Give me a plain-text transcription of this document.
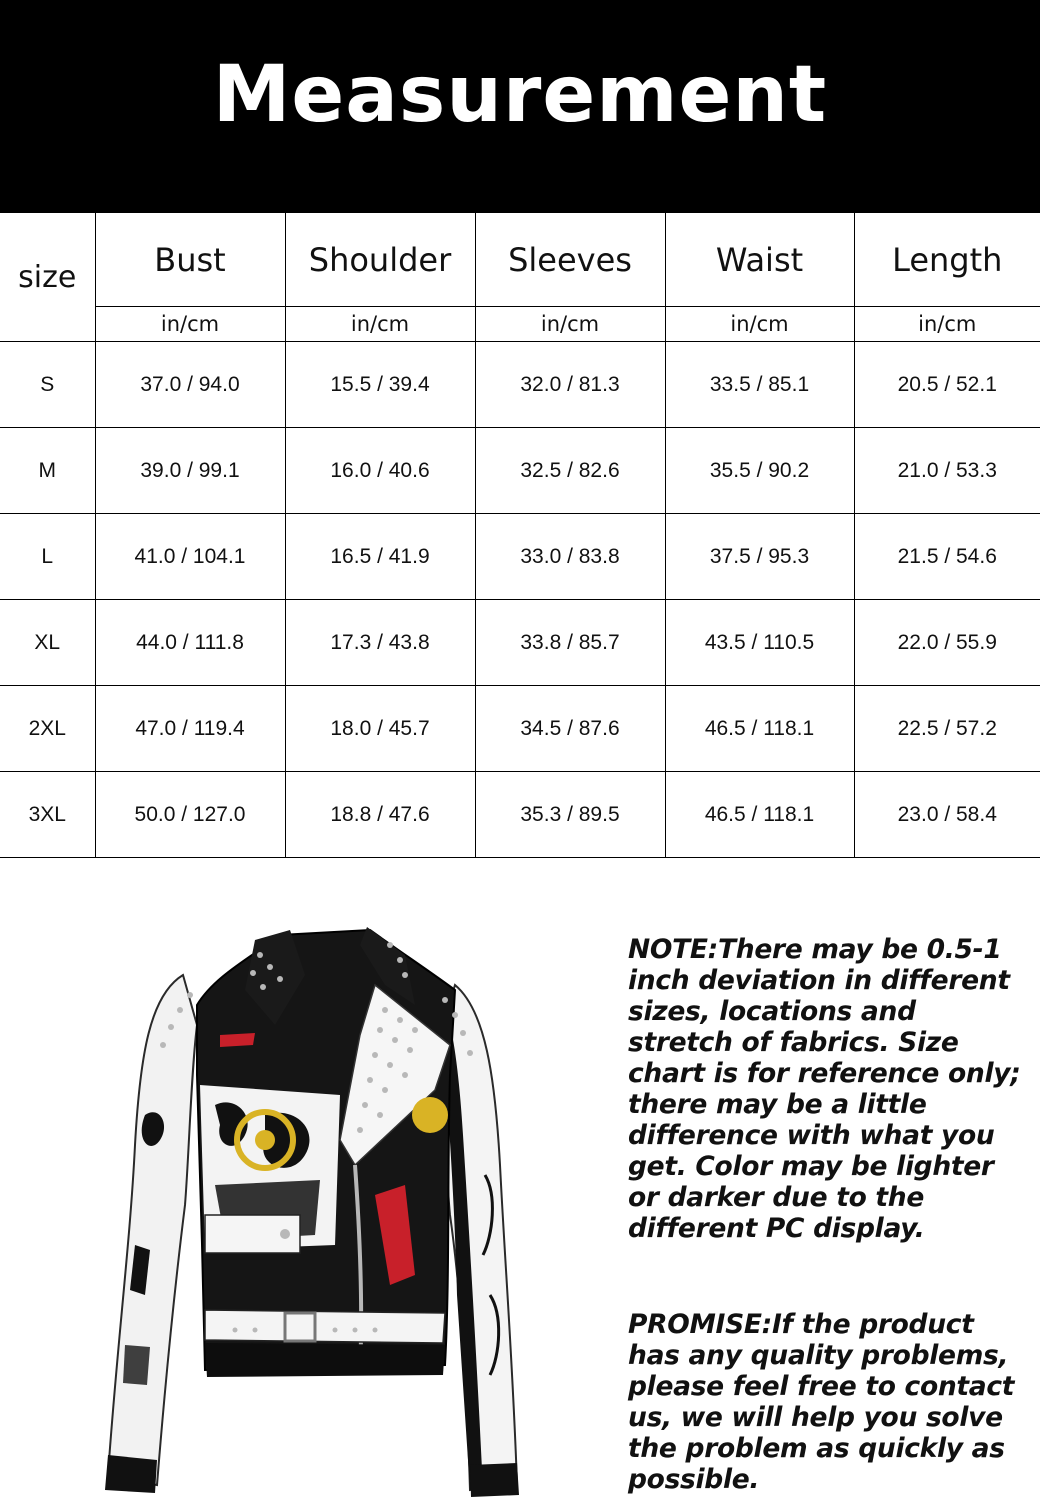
Measurement
size	Bust	Shoulder	Sleeves	Waist	Length
	in/cm	in/cm	in/cm	in/cm	in/cm
S	37.0 / 94.0	15.5 / 39.4	32.0 / 81.3	33.5 / 85.1	20.5 / 52.1
M	39.0 / 99.1	16.0 / 40.6	32.5 / 82.6	35.5 / 90.2	21.0 / 53.3
L	41.0 / 104.1	16.5 / 41.9	33.0 / 83.8	37.5 / 95.3	21.5 / 54.6
XL	44.0 / 111.8	17.3 / 43.8	33.8 / 85.7	43.5 / 110.5	22.0 / 55.9
2XL	47.0 / 119.4	18.0 / 45.7	34.5 / 87.6	46.5 / 118.1	22.5 / 57.2
3XL	50.0 / 127.0	18.8 / 47.6	35.3 / 89.5	46.5 / 118.1	23.0 / 58.4
NOTE:There may be 0.5-1 inch deviation in different sizes, locations and stretch of fabrics. Size chart is for reference only; there may be a little difference with what you get. Color may be lighter or darker due to the different PC display.
PROMISE:If the product has any quality problems, please feel free to contact us, we will help you solve the problem as quickly as possible.
